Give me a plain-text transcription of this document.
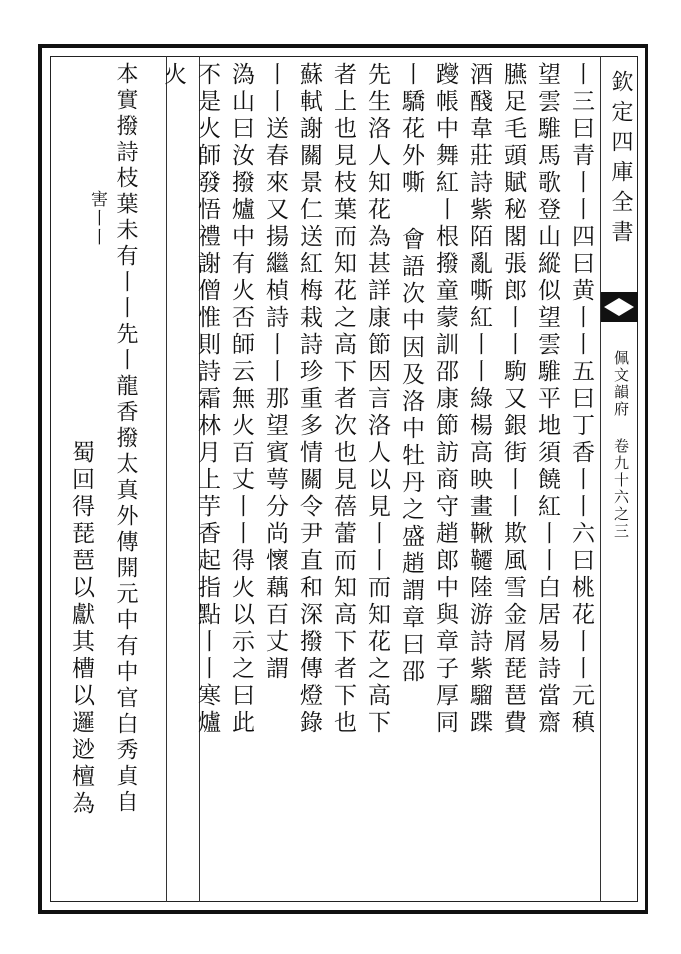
欽定四庫全書
佩文韻府 卷九十六之三
丨三曰青丨丨四曰黄丨丨五曰丁香丨丨六曰桃花丨丨元稹
望雲騅馬歌登山縱似望雲騅平地須饒紅丨丨白居易詩當齋
臙足毛頭賦秘閣張郎丨丨駒又銀街丨丨欺風雪金屑琵琶費
酒醆韋莊詩紫陌亂嘶紅丨丨綠楊高映畫鞦韆陸游詩紫騮蹀
躞帳中舞紅丨根撥童蒙訓邵康節訪商守趙郎中與章子厚同
丨驕花外嘶 會語次中因及洛中牡丹之盛趙謂章曰邵
先生洛人知花為甚詳康節因言洛人以見丨丨而知花之高下
者上也見枝葉而知花之高下者次也見蓓蕾而知高下者下也
蘇軾謝關景仁送紅梅栽詩珍重多情關令尹直和深撥傳燈錄
丨丨送春來又揚繼楨詩丨丨那望賓萼分尚懷藕百丈謂
溈山曰汝撥爐中有火否師云無火百丈丨丨得火以示之曰此
不是火師發悟禮謝僧惟則詩霜林月上芋香起指點丨丨寒爐
火
本實撥詩枝葉未有丨丨先丨龍香撥太真外傳開元中有中官白秀貞自
害丨丨
蜀回得琵琶以獻其槽以邏逤檀為
